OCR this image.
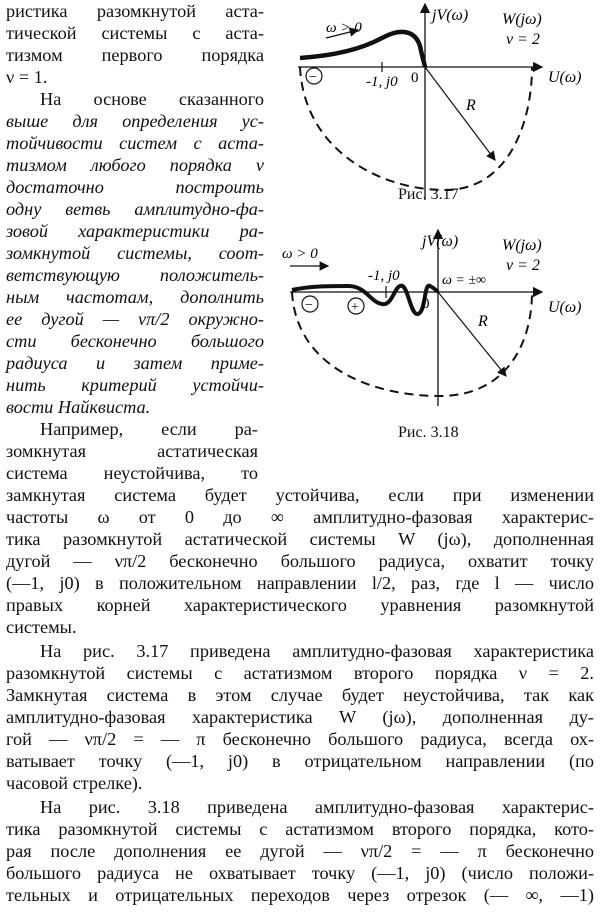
ристика разомкнутой аста-
тической системы с аста-
тизмом первого порядка
ν = 1.
На основе сказанного
выше для определения ус-
тойчивости систем с аста-
тизмом любого порядка ν
достаточно построить
одну ветвь амплитудно-фа-
зовой характеристики ра-
зомкнутой системы, соот-
ветствующую положитель-
ным частотам, дополнить
ее дугой — νπ/2 окружно-
сти бесконечно большого
радиуса и затем приме-
нить критерий устойчи-
вости Найквиста.
Например, если ра-
зомкнутая астатическая
система неустойчива, то
замкнутая система будет устойчива, если при изменении
частоты ω от 0 до ∞ амплитудно-фазовая характерис-
тика разомкнутой астатической системы W (jω), дополненная
дугой — νπ/2 бесконечно большого радиуса, охватит точку
(—1, j0) в положительном направлении l/2, раз, где l — число
правых корней характеристического уравнения разомкнутой
системы.
На рис. 3.17 приведена амплитудно-фазовая характеристика
разомкнутой системы с астатизмом второго порядка ν = 2.
Замкнутая система в этом случае будет неустойчива, так как
амплитудно-фазовая характеристика W (jω), дополненная ду-
гой — νπ/2 = — π бесконечно большого радиуса, всегда ох-
ватывает точку (—1, j0) в отрицательном направлении (по
часовой стрелке).
На рис. 3.18 приведена амплитудно-фазовая характерис-
тика разомкнутой системы с астатизмом второго порядка, кото-
рая после дополнения ее дугой — νπ/2 = — π бесконечно
большого радиуса не охватывает точку (—1, j0) (число положи-
тельных и отрицательных переходов через отрезок (— ∞, —1)
jV(ω)
U(ω)
W(jω)
ν = 2
ω > 0
R
-1, j0 0
−
Рис. 3.17
jV(ω)
U(ω)
W(jω)
ν = 2
ω > 0
ω = ±∞
R
-1, j0
0
−	+
Рис. 3.18
